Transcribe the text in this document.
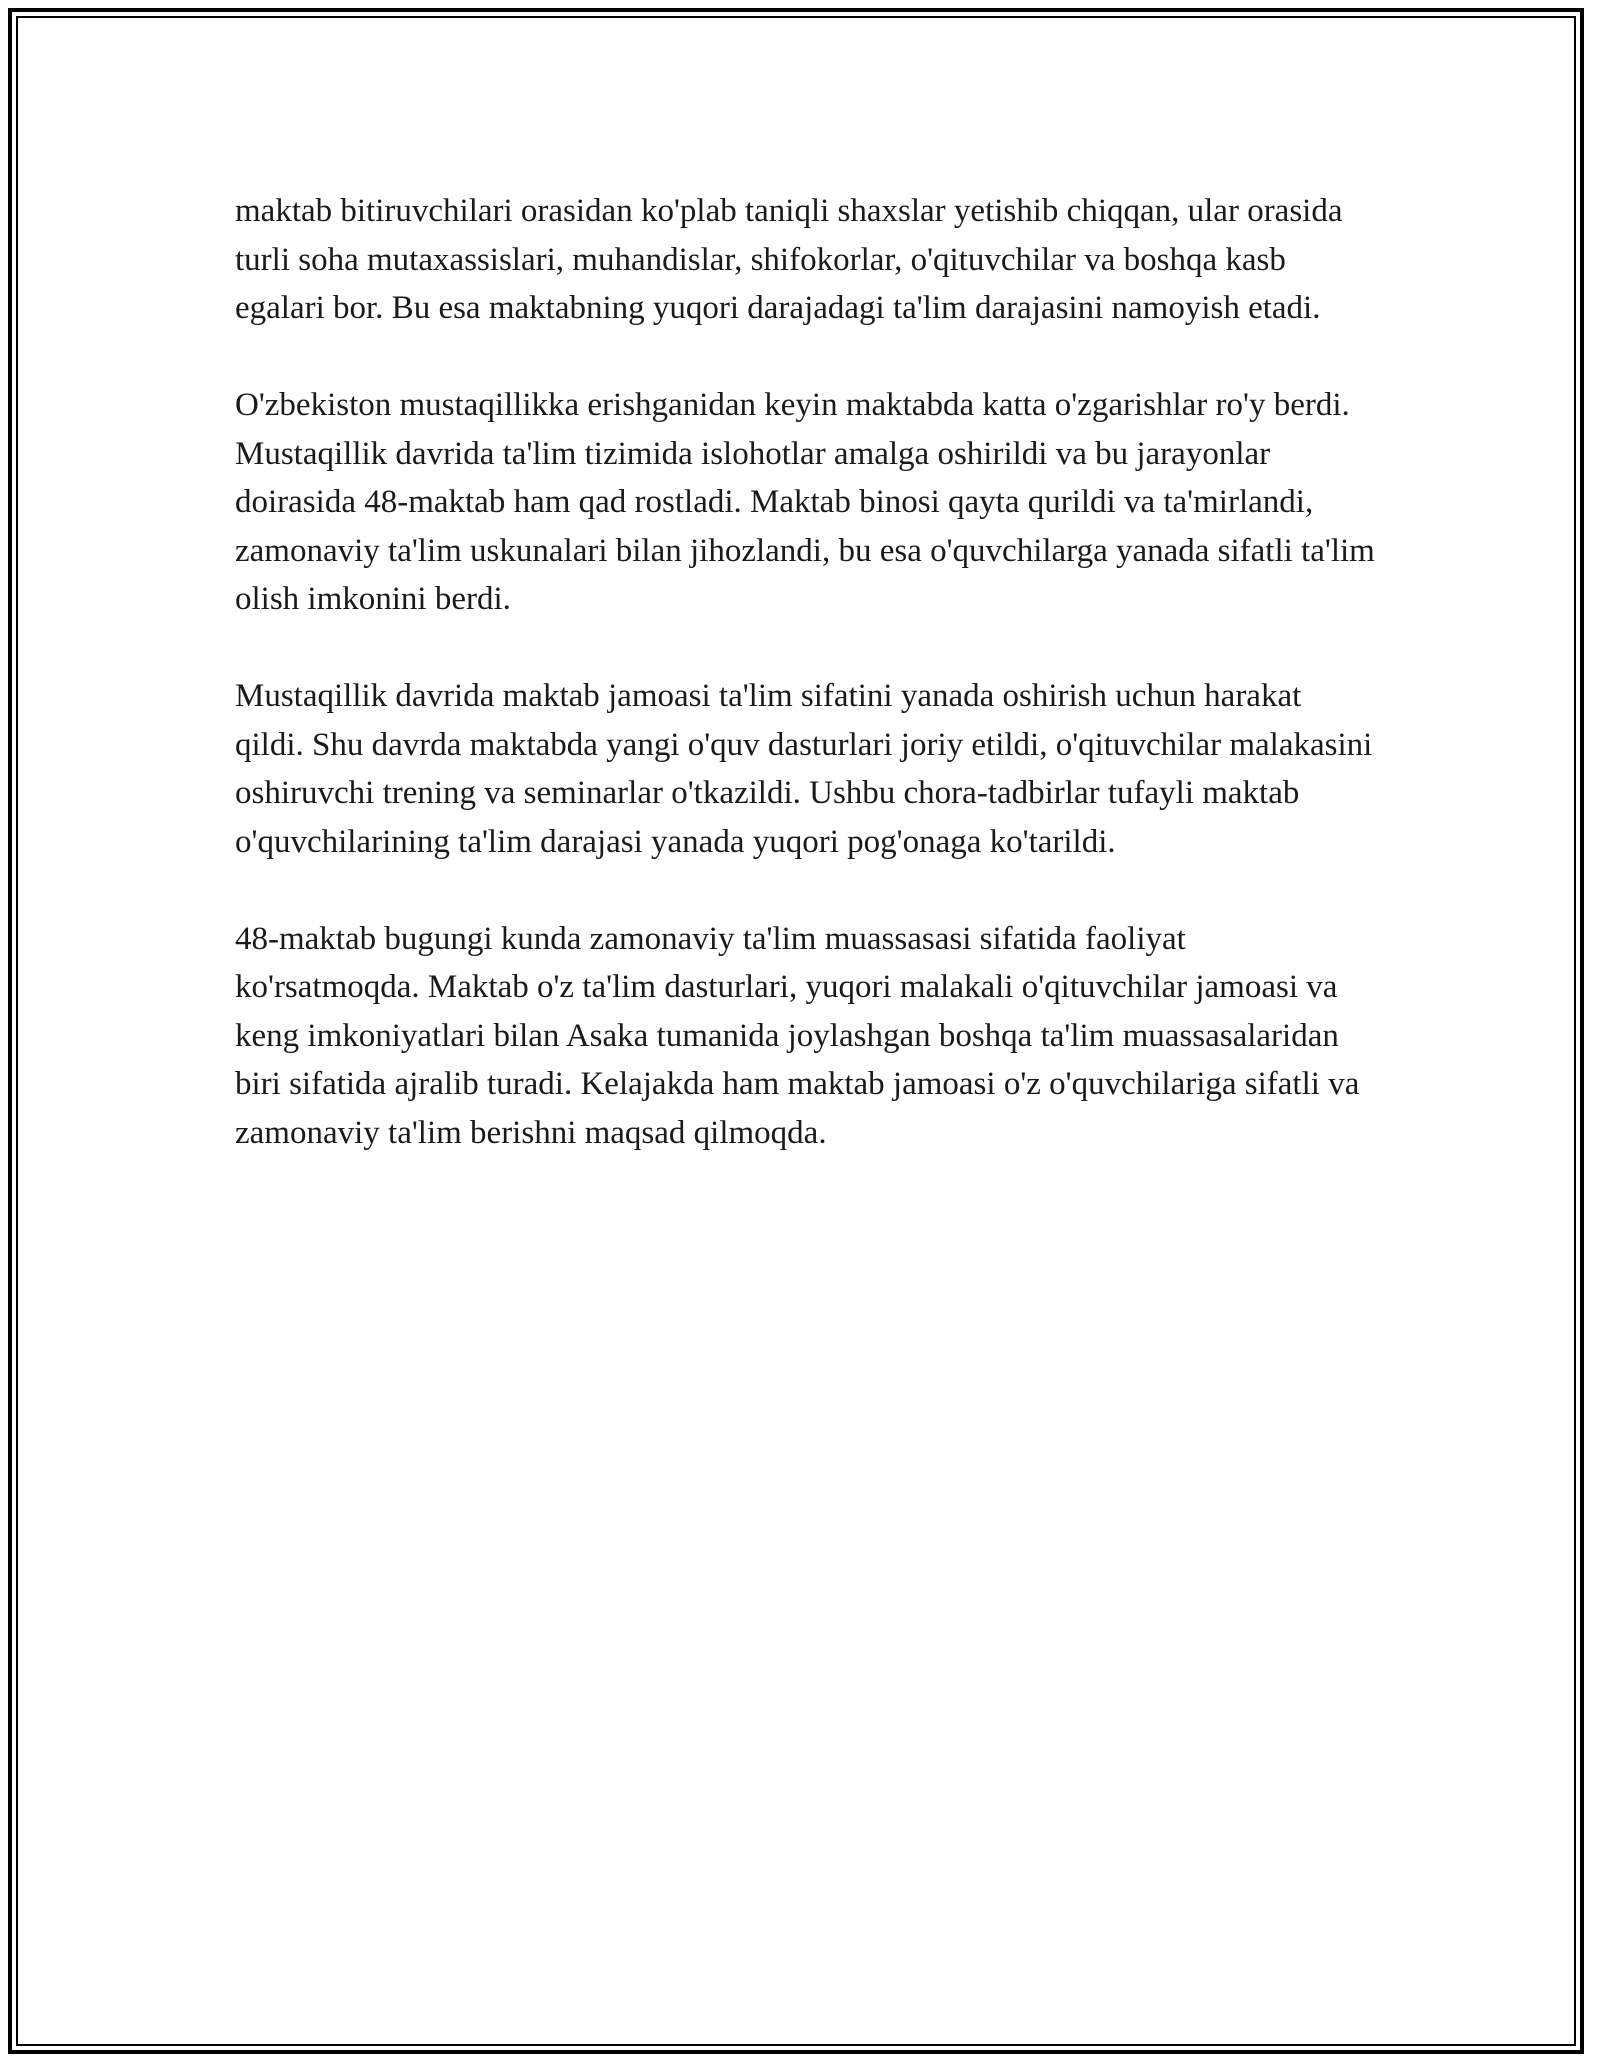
maktab bitiruvchilari orasidan ko'plab taniqli shaxslar yetishib chiqqan, ular orasida turli soha mutaxassislari, muhandislar, shifokorlar, o'qituvchilar va boshqa kasb egalari bor. Bu esa maktabning yuqori darajadagi ta'lim darajasini namoyish etadi.

O'zbekiston mustaqillikka erishganidan keyin maktabda katta o'zgarishlar ro'y berdi. Mustaqillik davrida ta'lim tizimida islohotlar amalga oshirildi va bu jarayonlar doirasida 48-maktab ham qad rostladi. Maktab binosi qayta qurildi va ta'mirlandi, zamonaviy ta'lim uskunalari bilan jihozlandi, bu esa o'quvchilarga yanada sifatli ta'lim olish imkonini berdi.

Mustaqillik davrida maktab jamoasi ta'lim sifatini yanada oshirish uchun harakat qildi. Shu davrda maktabda yangi o'quv dasturlari joriy etildi, o'qituvchilar malakasini oshiruvchi trening va seminarlar o'tkazildi. Ushbu chora-tadbirlar tufayli maktab o'quvchilarining ta'lim darajasi yanada yuqori pog'onaga ko'tarildi.

48-maktab bugungi kunda zamonaviy ta'lim muassasasi sifatida faoliyat ko'rsatmoqda. Maktab o'z ta'lim dasturlari, yuqori malakali o'qituvchilar jamoasi va keng imkoniyatlari bilan Asaka tumanida joylashgan boshqa ta'lim muassasalaridan biri sifatida ajralib turadi. Kelajakda ham maktab jamoasi o'z o'quvchilariga sifatli va zamonaviy ta'lim berishni maqsad qilmoqda.
